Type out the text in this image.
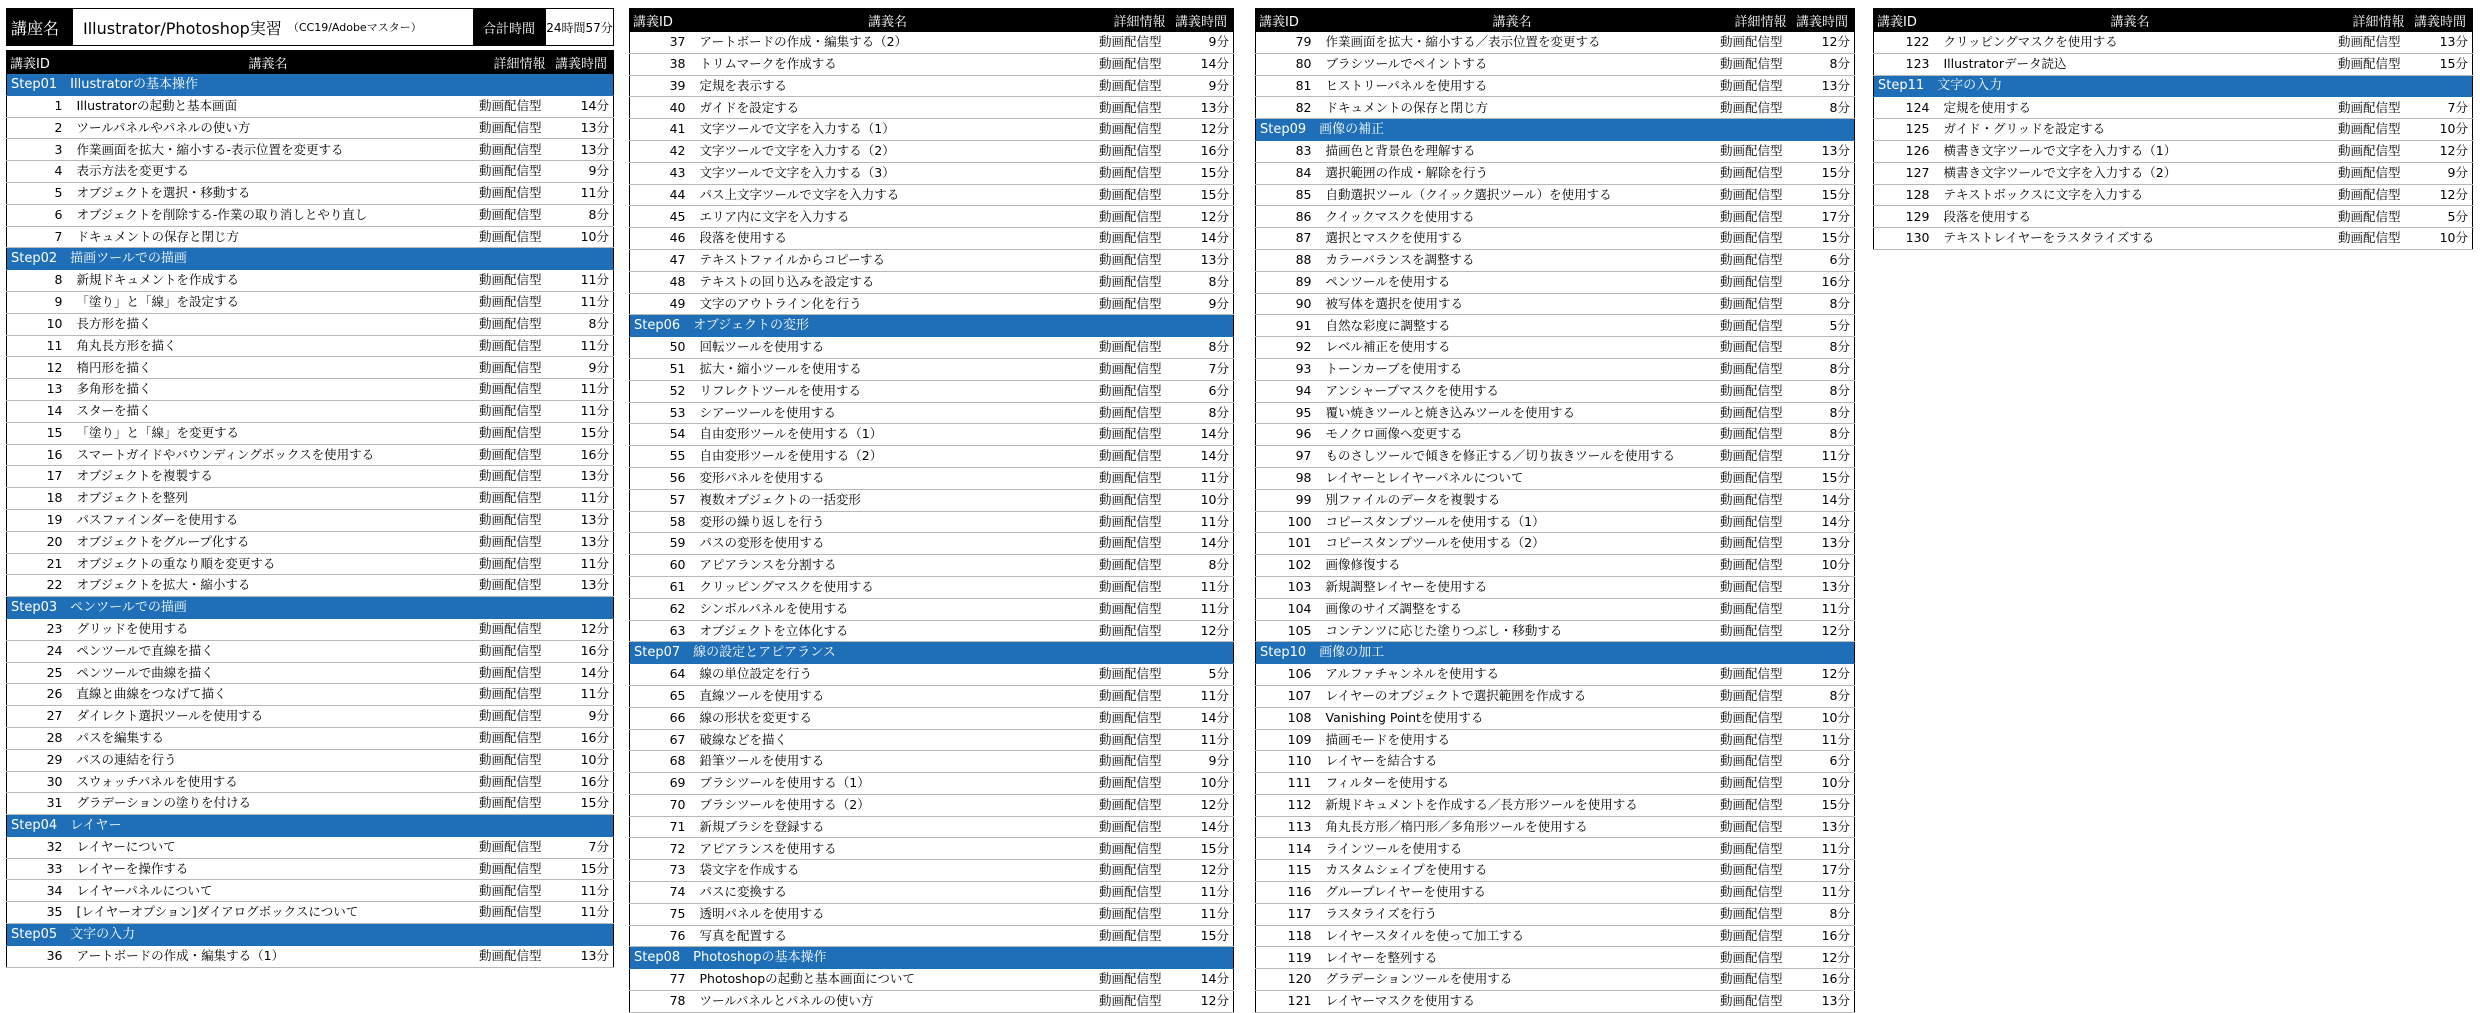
講座名	Illustrator/Photoshop実習 （CC19/Adobeマスター）	合計時間 24時間57分
講義ID	講義名	詳細情報	講義時間
Step01　Illustratorの基本操作			
1	Illustratorの起動と基本画面	動画配信型	14分
2	ツールパネルやパネルの使い方	動画配信型	13分
3	作業画面を拡大・縮小する-表示位置を変更する	動画配信型	13分
4	表示方法を変更する	動画配信型	9分
5	オブジェクトを選択・移動する	動画配信型	11分
6	オブジェクトを削除する-作業の取り消しとやり直し	動画配信型	8分
7	ドキュメントの保存と閉じ方	動画配信型	10分
Step02　描画ツールでの描画			
8	新規ドキュメントを作成する	動画配信型	11分
9	「塗り」と「線」を設定する	動画配信型	11分
10	長方形を描く	動画配信型	8分
11	角丸長方形を描く	動画配信型	11分
12	楕円形を描く	動画配信型	9分
13	多角形を描く	動画配信型	11分
14	スターを描く	動画配信型	11分
15	「塗り」と「線」を変更する	動画配信型	15分
16	スマートガイドやバウンディングボックスを使用する	動画配信型	16分
17	オブジェクトを複製する	動画配信型	13分
18	オブジェクトを整列	動画配信型	11分
19	パスファインダーを使用する	動画配信型	13分
20	オブジェクトをグループ化する	動画配信型	13分
21	オブジェクトの重なり順を変更する	動画配信型	11分
22	オブジェクトを拡大・縮小する	動画配信型	13分
Step03　ペンツールでの描画			
23	グリッドを使用する	動画配信型	12分
24	ペンツールで直線を描く	動画配信型	16分
25	ペンツールで曲線を描く	動画配信型	14分
26	直線と曲線をつなげて描く	動画配信型	11分
27	ダイレクト選択ツールを使用する	動画配信型	9分
28	パスを編集する	動画配信型	16分
29	パスの連結を行う	動画配信型	10分
30	スウォッチパネルを使用する	動画配信型	16分
31	グラデーションの塗りを付ける	動画配信型	15分
Step04　レイヤー			
32	レイヤーについて	動画配信型	7分
33	レイヤーを操作する	動画配信型	15分
34	レイヤーパネルについて	動画配信型	11分
35	[レイヤーオプション]ダイアログボックスについて	動画配信型	11分
Step05　文字の入力			
36	アートボードの作成・編集する（1）	動画配信型	13分
講義ID	講義名	詳細情報	講義時間
37	アートボードの作成・編集する（2）	動画配信型	9分
38	トリムマークを作成する	動画配信型	14分
39	定規を表示する	動画配信型	9分
40	ガイドを設定する	動画配信型	13分
41	文字ツールで文字を入力する（1）	動画配信型	12分
42	文字ツールで文字を入力する（2）	動画配信型	16分
43	文字ツールで文字を入力する（3）	動画配信型	15分
44	パス上文字ツールで文字を入力する	動画配信型	15分
45	エリア内に文字を入力する	動画配信型	12分
46	段落を使用する	動画配信型	14分
47	テキストファイルからコピーする	動画配信型	13分
48	テキストの回り込みを設定する	動画配信型	8分
49	文字のアウトライン化を行う	動画配信型	9分
Step06　オブジェクトの変形			
50	回転ツールを使用する	動画配信型	8分
51	拡大・縮小ツールを使用する	動画配信型	7分
52	リフレクトツールを使用する	動画配信型	6分
53	シアーツールを使用する	動画配信型	8分
54	自由変形ツールを使用する（1）	動画配信型	14分
55	自由変形ツールを使用する（2）	動画配信型	14分
56	変形パネルを使用する	動画配信型	11分
57	複数オブジェクトの一括変形	動画配信型	10分
58	変形の繰り返しを行う	動画配信型	11分
59	パスの変形を使用する	動画配信型	14分
60	アピアランスを分割する	動画配信型	8分
61	クリッピングマスクを使用する	動画配信型	11分
62	シンボルパネルを使用する	動画配信型	11分
63	オブジェクトを立体化する	動画配信型	12分
Step07　線の設定とアピアランス			
64	線の単位設定を行う	動画配信型	5分
65	直線ツールを使用する	動画配信型	11分
66	線の形状を変更する	動画配信型	14分
67	破線などを描く	動画配信型	11分
68	鉛筆ツールを使用する	動画配信型	9分
69	ブラシツールを使用する（1）	動画配信型	10分
70	ブラシツールを使用する（2）	動画配信型	12分
71	新規ブラシを登録する	動画配信型	14分
72	アピアランスを使用する	動画配信型	15分
73	袋文字を作成する	動画配信型	12分
74	パスに変換する	動画配信型	11分
75	透明パネルを使用する	動画配信型	11分
76	写真を配置する	動画配信型	15分
Step08　Photoshopの基本操作			
77	Photoshopの起動と基本画面について	動画配信型	14分
78	ツールパネルとパネルの使い方	動画配信型	12分
講義ID	講義名	詳細情報	講義時間
79	作業画面を拡大・縮小する／表示位置を変更する	動画配信型	12分
80	ブラシツールでペイントする	動画配信型	8分
81	ヒストリーパネルを使用する	動画配信型	13分
82	ドキュメントの保存と閉じ方	動画配信型	8分
Step09　画像の補正			
83	描画色と背景色を理解する	動画配信型	13分
84	選択範囲の作成・解除を行う	動画配信型	15分
85	自動選択ツール（クイック選択ツール）を使用する	動画配信型	15分
86	クイックマスクを使用する	動画配信型	17分
87	選択とマスクを使用する	動画配信型	15分
88	カラーバランスを調整する	動画配信型	6分
89	ペンツールを使用する	動画配信型	16分
90	被写体を選択を使用する	動画配信型	8分
91	自然な彩度に調整する	動画配信型	5分
92	レベル補正を使用する	動画配信型	8分
93	トーンカーブを使用する	動画配信型	8分
94	アンシャープマスクを使用する	動画配信型	8分
95	覆い焼きツールと焼き込みツールを使用する	動画配信型	8分
96	モノクロ画像へ変更する	動画配信型	8分
97	ものさしツールで傾きを修正する／切り抜きツールを使用する	動画配信型	11分
98	レイヤーとレイヤーパネルについて	動画配信型	15分
99	別ファイルのデータを複製する	動画配信型	14分
100	コピースタンプツールを使用する（1）	動画配信型	14分
101	コピースタンプツールを使用する（2）	動画配信型	13分
102	画像修復する	動画配信型	10分
103	新規調整レイヤーを使用する	動画配信型	13分
104	画像のサイズ調整をする	動画配信型	11分
105	コンテンツに応じた塗りつぶし・移動する	動画配信型	12分
Step10　画像の加工			
106	アルファチャンネルを使用する	動画配信型	12分
107	レイヤーのオブジェクトで選択範囲を作成する	動画配信型	8分
108	Vanishing Pointを使用する	動画配信型	10分
109	描画モードを使用する	動画配信型	11分
110	レイヤーを結合する	動画配信型	6分
111	フィルターを使用する	動画配信型	10分
112	新規ドキュメントを作成する／長方形ツールを使用する	動画配信型	15分
113	角丸長方形／楕円形／多角形ツールを使用する	動画配信型	13分
114	ラインツールを使用する	動画配信型	11分
115	カスタムシェイプを使用する	動画配信型	17分
116	グループレイヤーを使用する	動画配信型	11分
117	ラスタライズを行う	動画配信型	8分
118	レイヤースタイルを使って加工する	動画配信型	16分
119	レイヤーを整列する	動画配信型	12分
120	グラデーションツールを使用する	動画配信型	16分
121	レイヤーマスクを使用する	動画配信型	13分
講義ID	講義名	詳細情報	講義時間
122	クリッピングマスクを使用する	動画配信型	13分
123	Illustratorデータ読込	動画配信型	15分
Step11　文字の入力			
124	定規を使用する	動画配信型	7分
125	ガイド・グリッドを設定する	動画配信型	10分
126	横書き文字ツールで文字を入力する（1）	動画配信型	12分
127	横書き文字ツールで文字を入力する（2）	動画配信型	9分
128	テキストボックスに文字を入力する	動画配信型	12分
129	段落を使用する	動画配信型	5分
130	テキストレイヤーをラスタライズする	動画配信型	10分
